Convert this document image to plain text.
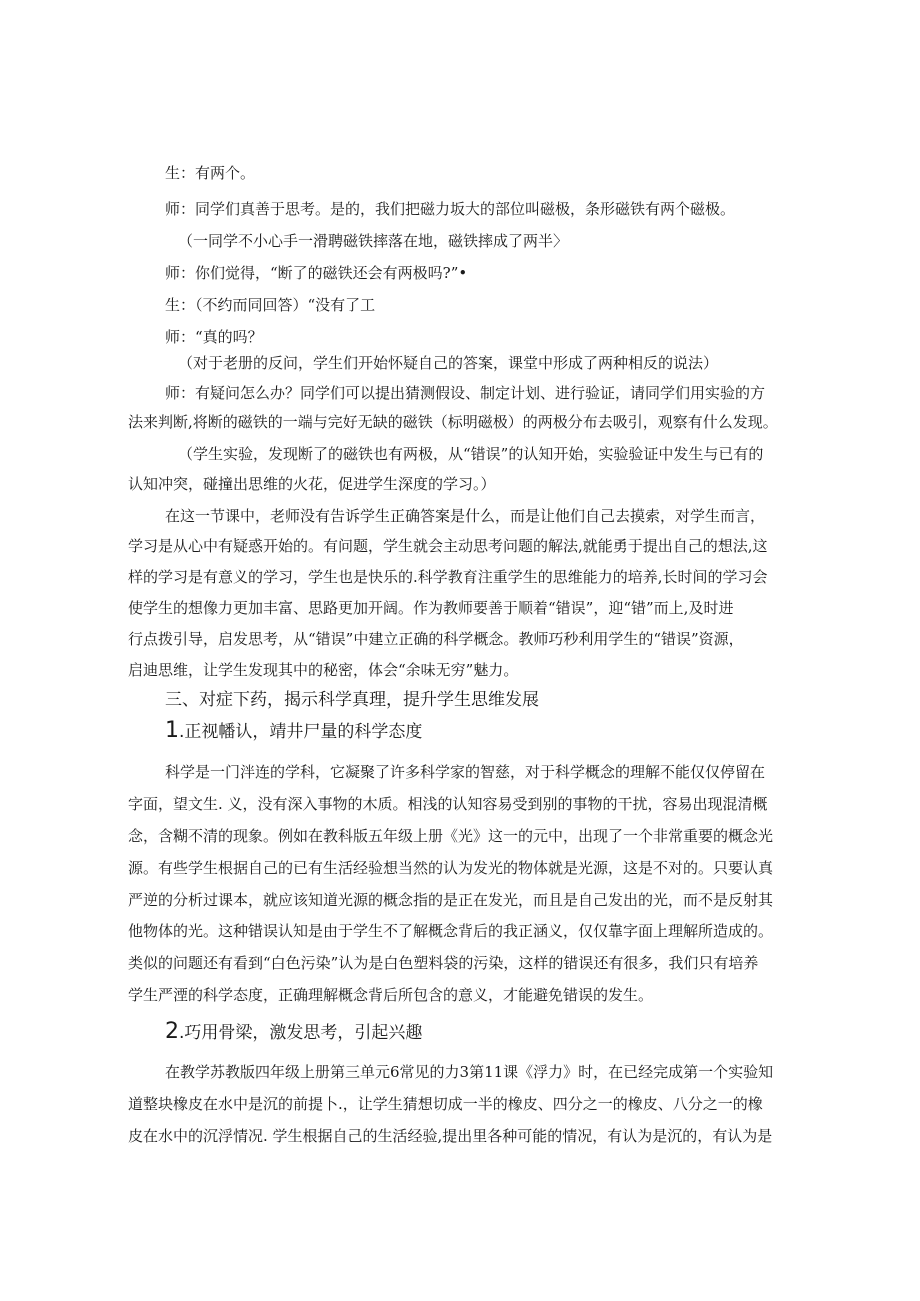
生：有两个。
师：同学们真善于思考。是的，我们把磁力坂大的部位叫磁极，条形磁铁有两个磁极。
（一同学不小心手一滑聘磁铁摔落在地，磁铁摔成了两半〉
师：你们觉得，“断了的磁铁还会有两极吗?”•
生：（不约而同回答）“没有了工
师：“真的吗？
（对于老册的反问，学生们开始怀疑自己的答案，课堂中形成了两种相反的说法）
师：有疑问怎么办？同学们可以提出猜测假设、制定计划、进行验证，请同学们用实验的方
法来判断,将断的磁铁的一端与完好无缺的磁铁（标明磁极）的两极分布去吸引，观察有什么发现。
（学生实验，发现断了的磁铁也有两极，从“错误”的认知开始，实验验证中发生与已有的
认知冲突，碰撞出思维的火花，促进学生深度的学习。）
在这一节课中，老师没有告诉学生正确答案是什么，而是让他们自己去摸索，对学生而言，
学习是从心中有疑惑开始的。有问题，学生就会主动思考问题的解法,就能勇于提出自己的想法,这
样的学习是有意义的学习，学生也是快乐的.科学教育注重学生的思维能力的培养,长时间的学习会
使学生的想像力更加丰富、思路更加开阔。作为教师要善于顺着“错误”，迎“错”而上,及时进
行点拨引导，启发思考，从“错误”中建立正确的科学概念。教师巧秒利用学生的“错误”资源，
启迪思维，让学生发现其中的秘密，体会“余味无穷”魅力。
三、对症下药，揭示科学真理，提升学生思维发展
1.正视幡认，靖井尸量的科学态度
科学是一门泮连的学科，它凝聚了许多科学家的智慈，对于科学概念的理解不能仅仅停留在
字面，望文生. 义，没有深入事物的木质。相浅的认知容易受到别的事物的干扰，容易出现混清概
念，含糊不清的现象。例如在教科版五年级上册《光》这一的元中，出现了一个非常重要的概念光
源。有些学生根据自己的已有生活经验想当然的认为发光的物体就是光源，这是不对的。只要认真
严逆的分析过课本，就应该知道光源的概念指的是正在发光，而且是自己发出的光，而不是反射其
他物体的光。这种错误认知是由于学生不了解概念背后的我正涵义，仅仅靠字面上理解所造成的。
类似的问题还有看到“白色污染”认为是白色塑料袋的污染，这样的错误还有很多，我们只有培养
学生严湮的科学态度，正确理解概念背后所包含的意义，才能避免错误的发生。
2.巧用骨梁，激发思考，引起兴趣
在教学苏教版四年级上册第三单元6常见的力3第11课《浮力》时，在已经完成第一个实验知
道整块橡皮在水中是沉的前提卜.，让学生猜想切成一半的橡皮、四分之一的橡皮、八分之一的橡
皮在水中的沉浮情况. 学生根据自己的生活经验,提出里各种可能的情况，有认为是沉的，有认为是
